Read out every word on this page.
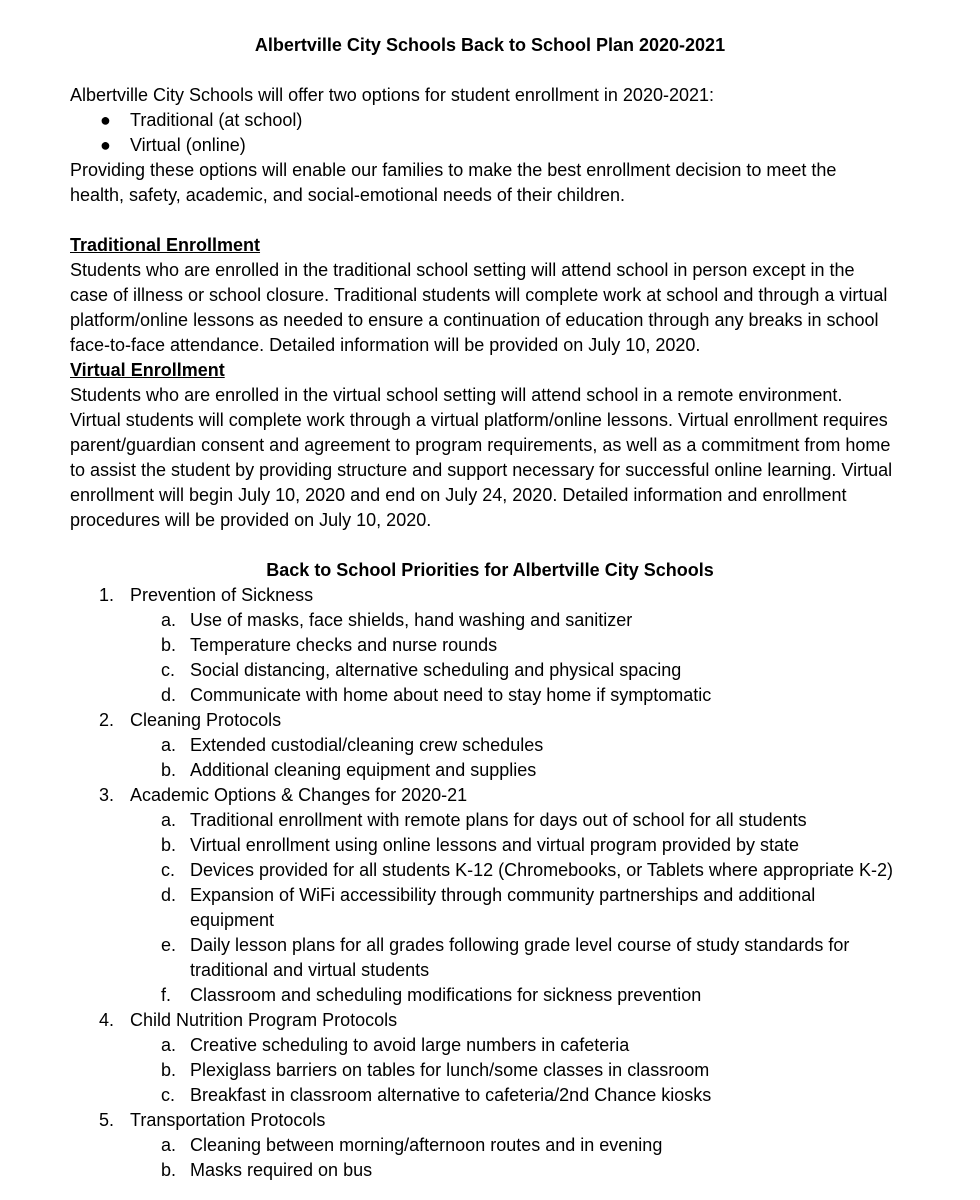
Albertville City Schools Back to School Plan 2020-2021
Albertville City Schools will offer two options for student enrollment in 2020-2021:
● Traditional (at school)
● Virtual (online)
Providing these options will enable our families to make the best enrollment decision to meet the
health, safety, academic, and social-emotional needs of their children.
Traditional Enrollment
Students who are enrolled in the traditional school setting will attend school in person except in the
case of illness or school closure. Traditional students will complete work at school and through a virtual
platform/online lessons as needed to ensure a continuation of education through any breaks in school
face-to-face attendance. Detailed information will be provided on July 10, 2020.
Virtual Enrollment
Students who are enrolled in the virtual school setting will attend school in a remote environment.
Virtual students will complete work through a virtual platform/online lessons. Virtual enrollment requires
parent/guardian consent and agreement to program requirements, as well as a commitment from home
to assist the student by providing structure and support necessary for successful online learning. Virtual
enrollment will begin July 10, 2020 and end on July 24, 2020. Detailed information and enrollment
procedures will be provided on July 10, 2020.
Back to School Priorities for Albertville City Schools
1. Prevention of Sickness
a. Use of masks, face shields, hand washing and sanitizer
b. Temperature checks and nurse rounds
c. Social distancing, alternative scheduling and physical spacing
d. Communicate with home about need to stay home if symptomatic
2. Cleaning Protocols
a. Extended custodial/cleaning crew schedules
b. Additional cleaning equipment and supplies
3. Academic Options & Changes for 2020-21
a. Traditional enrollment with remote plans for days out of school for all students
b. Virtual enrollment using online lessons and virtual program provided by state
c. Devices provided for all students K-12 (Chromebooks, or Tablets where appropriate K-2)
d. Expansion of WiFi accessibility through community partnerships and additional
equipment
e. Daily lesson plans for all grades following grade level course of study standards for
traditional and virtual students
f. Classroom and scheduling modifications for sickness prevention
4. Child Nutrition Program Protocols
a. Creative scheduling to avoid large numbers in cafeteria
b. Plexiglass barriers on tables for lunch/some classes in classroom
c. Breakfast in classroom alternative to cafeteria/2nd Chance kiosks
5. Transportation Protocols
a. Cleaning between morning/afternoon routes and in evening
b. Masks required on bus
